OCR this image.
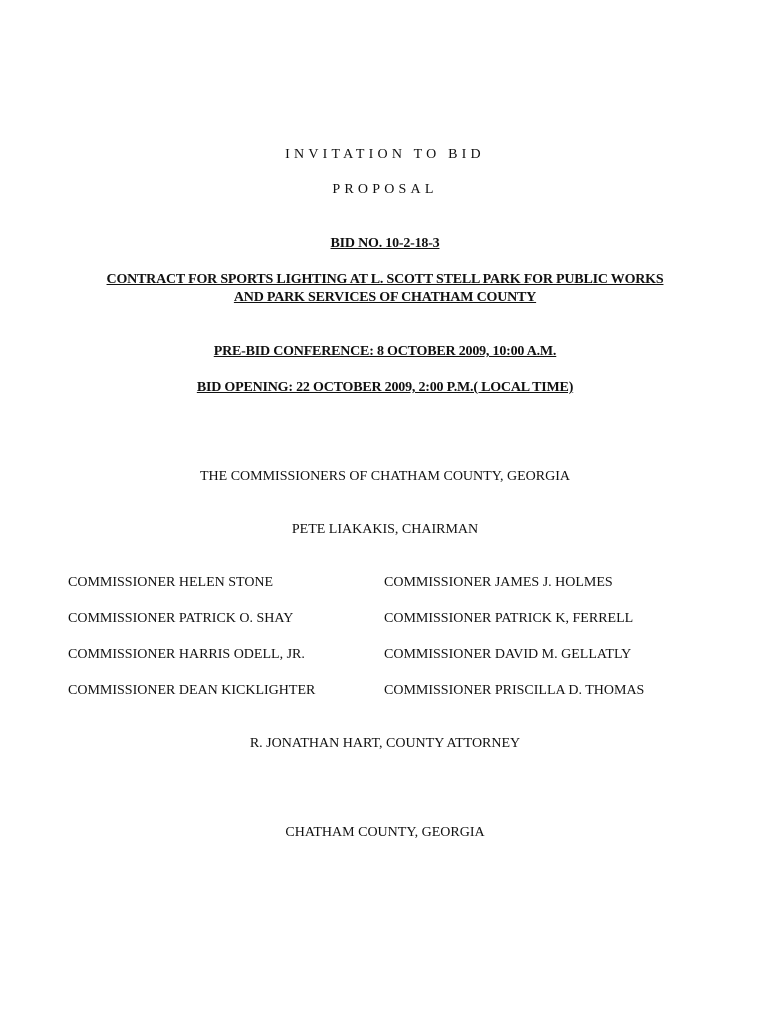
INVITATION TO BID
PROPOSAL
BID NO. 10-2-18-3
CONTRACT FOR SPORTS LIGHTING AT L. SCOTT STELL PARK FOR PUBLIC WORKS
AND PARK SERVICES OF CHATHAM COUNTY
PRE-BID CONFERENCE: 8 OCTOBER 2009, 10:00 A.M.
BID OPENING: 22 OCTOBER 2009, 2:00 P.M.( LOCAL TIME)
THE COMMISSIONERS OF CHATHAM COUNTY, GEORGIA
PETE LIAKAKIS, CHAIRMAN
COMMISSIONER HELEN STONE	COMMISSIONER JAMES J. HOLMES
COMMISSIONER PATRICK O. SHAY	COMMISSIONER PATRICK K, FERRELL
COMMISSIONER HARRIS ODELL, JR.	COMMISSIONER DAVID M. GELLATLY
COMMISSIONER DEAN KICKLIGHTER	COMMISSIONER PRISCILLA D. THOMAS
R. JONATHAN HART, COUNTY ATTORNEY
CHATHAM COUNTY, GEORGIA
